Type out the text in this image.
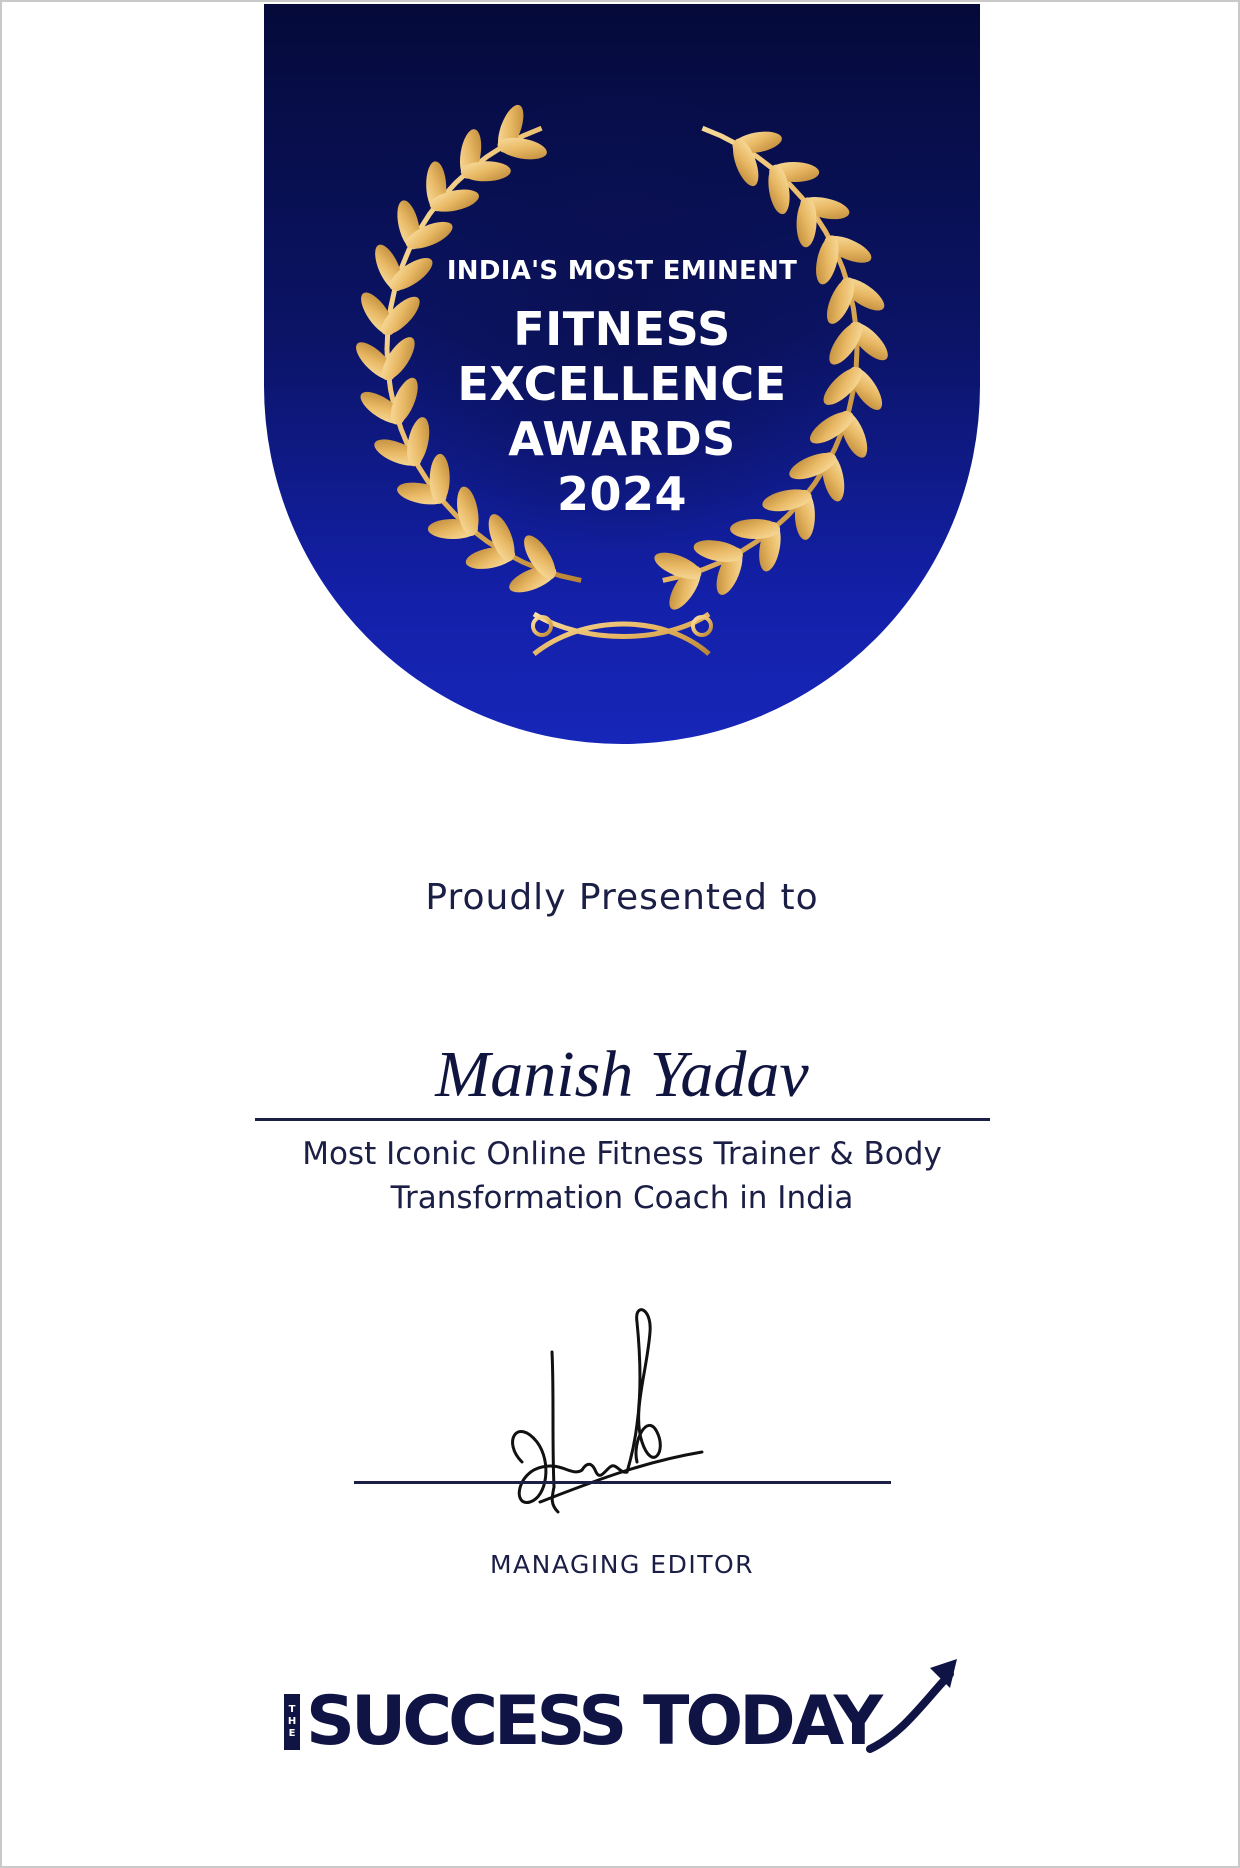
INDIA'S MOST EMINENT
FITNESS
EXCELLENCE
AWARDS
2024
Proudly Presented to
Manish Yadav
Most Iconic Online Fitness Trainer & Body
Transformation Coach in India
MANAGING EDITOR
T
H
E SUCCESS TODAY
